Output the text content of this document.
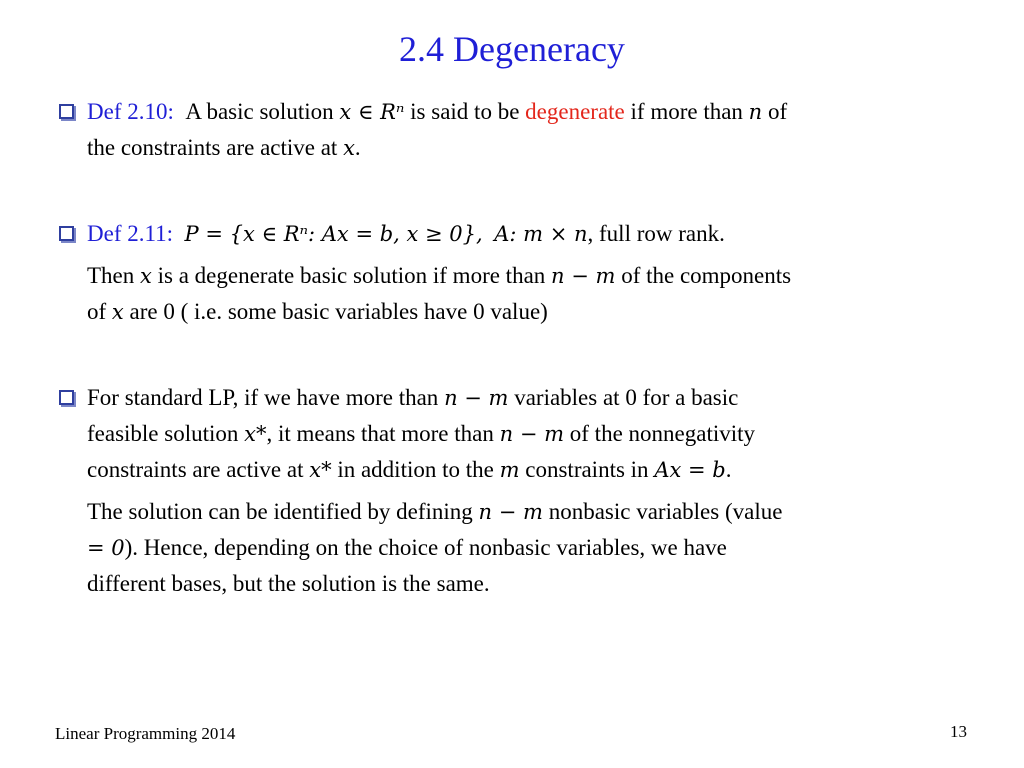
2.4 Degeneracy
Def 2.10: A basic solution x ∈ Rⁿ is said to be degenerate if more than n of
the constraints are active at x.
Def 2.11: P = {x ∈ Rⁿ: Ax = b, x ≥ 0}, A: m × n, full row rank.
Then x is a degenerate basic solution if more than n − m of the components
of x are 0 ( i.e. some basic variables have 0 value)
For standard LP, if we have more than n − m variables at 0 for a basic
feasible solution x*, it means that more than n − m of the nonnegativity
constraints are active at x* in addition to the m constraints in Ax = b.
The solution can be identified by defining n − m nonbasic variables (value
= 0). Hence, depending on the choice of nonbasic variables, we have
different bases, but the solution is the same.
Linear Programming 2014	13
